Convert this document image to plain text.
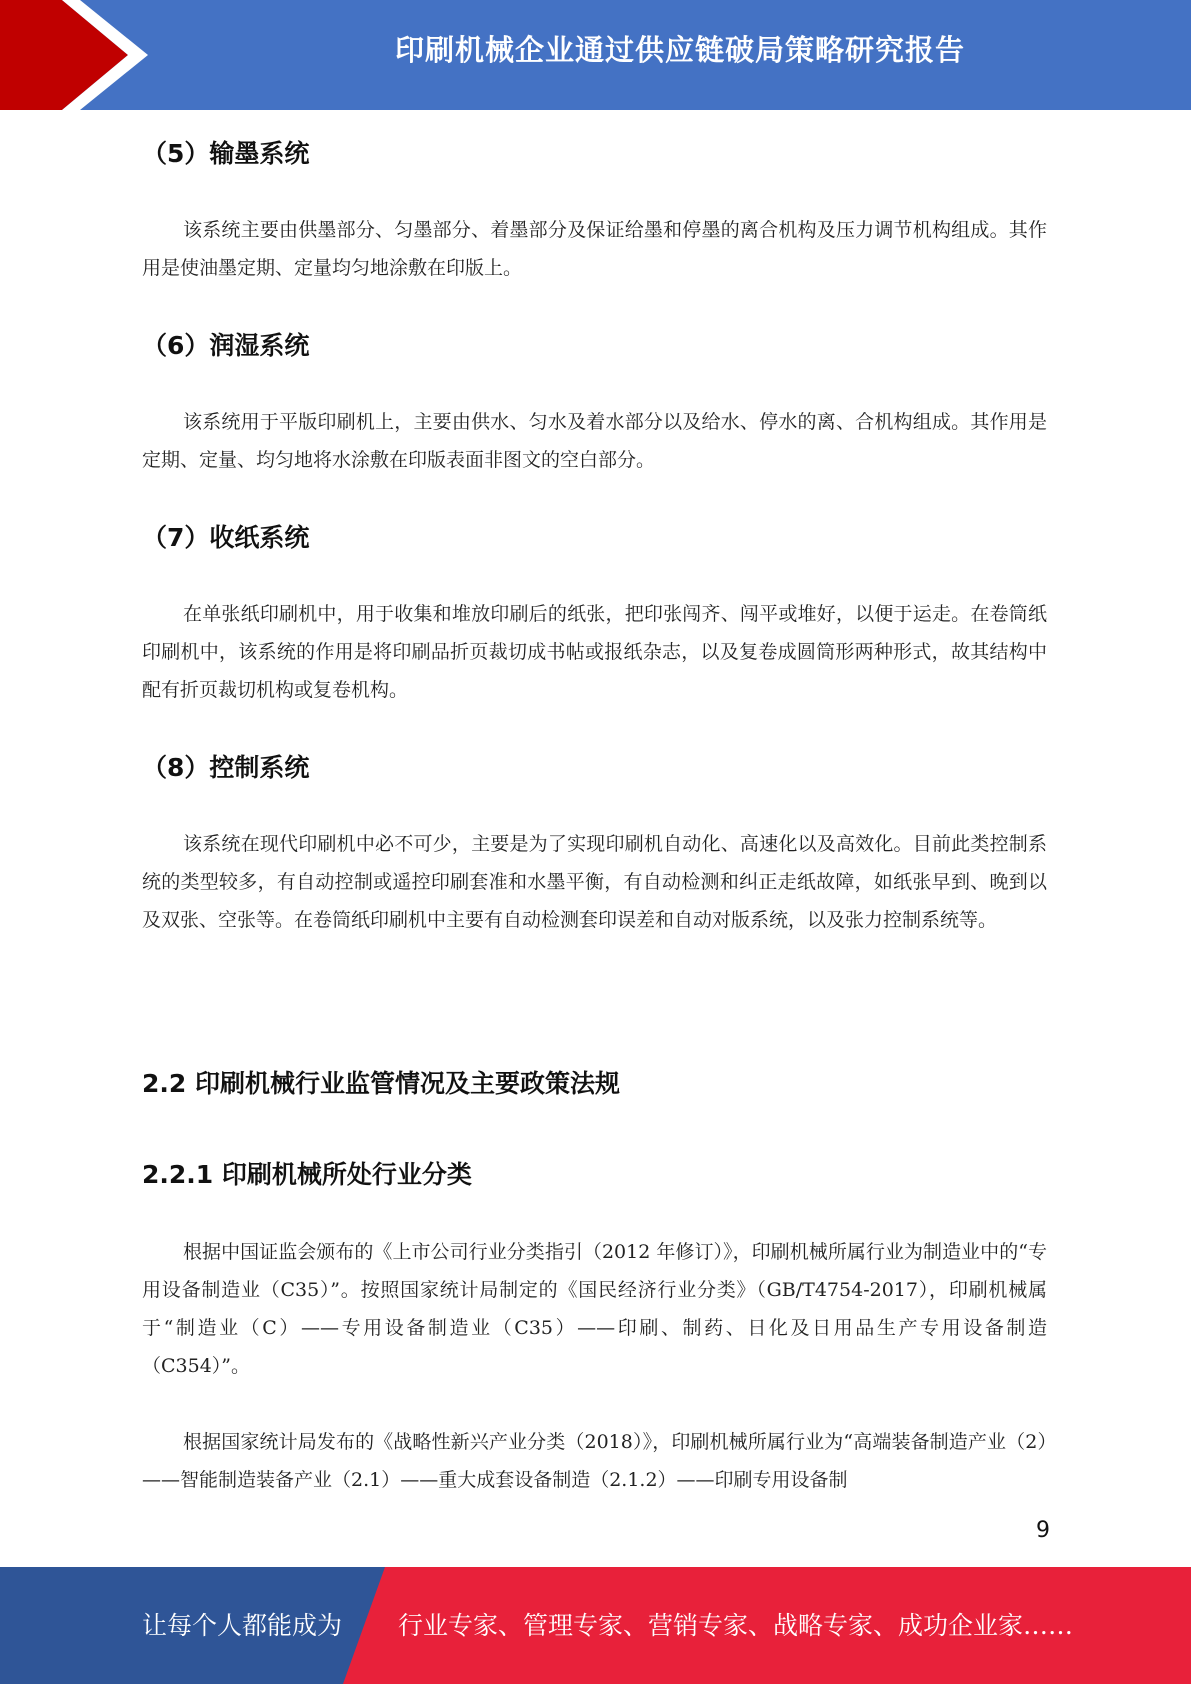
印刷机械企业通过供应链破局策略研究报告
（5）输墨系统
该系统主要由供墨部分、匀墨部分、着墨部分及保证给墨和停墨的离合机构及压力调节机构组成。其作用是使油墨定期、定量均匀地涂敷在印版上。
（6）润湿系统
该系统用于平版印刷机上，主要由供水、匀水及着水部分以及给水、停水的离、合机构组成。其作用是定期、定量、均匀地将水涂敷在印版表面非图文的空白部分。
（7）收纸系统
在单张纸印刷机中，用于收集和堆放印刷后的纸张，把印张闯齐、闯平或堆好，以便于运走。在卷筒纸印刷机中，该系统的作用是将印刷品折页裁切成书帖或报纸杂志，以及复卷成圆筒形两种形式，故其结构中配有折页裁切机构或复卷机构。
（8）控制系统
该系统在现代印刷机中必不可少，主要是为了实现印刷机自动化、高速化以及高效化。目前此类控制系统的类型较多，有自动控制或遥控印刷套准和水墨平衡，有自动检测和纠正走纸故障，如纸张早到、晚到以及双张、空张等。在卷筒纸印刷机中主要有自动检测套印误差和自动对版系统，以及张力控制系统等。
2.2 印刷机械行业监管情况及主要政策法规
2.2.1 印刷机械所处行业分类
根据中国证监会颁布的《上市公司行业分类指引（2012 年修订）》，印刷机械所属行业为制造业中的“专用设备制造业（C35）”。按照国家统计局制定的《国民经济行业分类》（GB/T4754-2017），印刷机械属于“制造业（C）——专用设备制造业（C35）——印刷、制药、日化及日用品生产专用设备制造（C354）”。
根据国家统计局发布的《战略性新兴产业分类（2018）》，印刷机械所属行业为“高端装备制造产业（2）——智能制造装备产业（2.1）——重大成套设备制造（2.1.2）——印刷专用设备制
9
让每个人都能成为 行业专家、管理专家、营销专家、战略专家、成功企业家……
